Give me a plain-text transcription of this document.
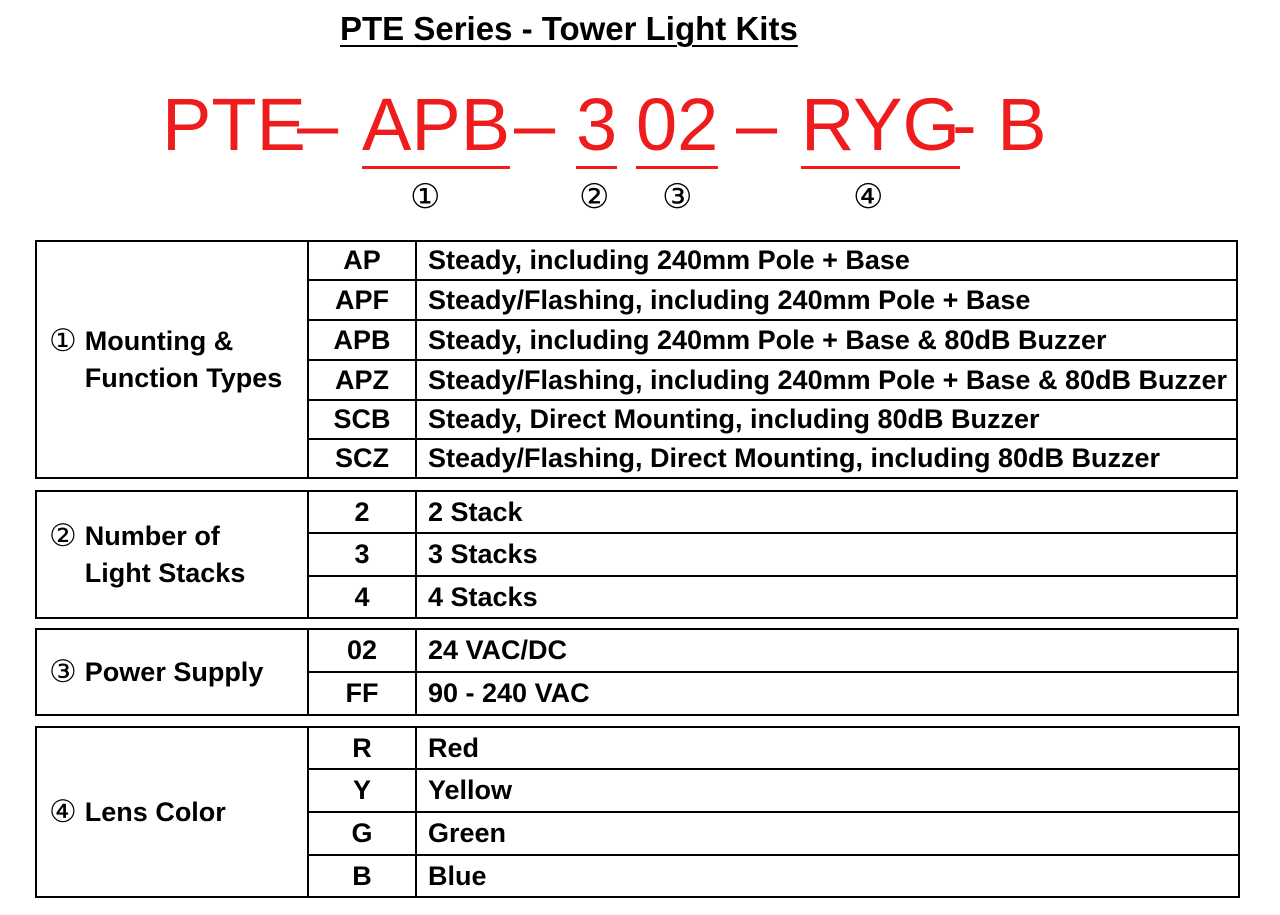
PTE Series - Tower Light Kits
PTE
– APB – 3 02 – RYG
- B
①	② ③	④
① Mounting &
Function Types	AP	Steady, including 240mm Pole + Base
	APF	Steady/Flashing, including 240mm Pole + Base
	APB	Steady, including 240mm Pole + Base & 80dB Buzzer
	APZ	Steady/Flashing, including 240mm Pole + Base & 80dB Buzzer
	SCB	Steady, Direct Mounting, including 80dB Buzzer
	SCZ	Steady/Flashing, Direct Mounting, including 80dB Buzzer
② Number of
Light Stacks	2	2 Stack
	3	3 Stacks
	4	4 Stacks
③ Power Supply	02	24 VAC/DC
	FF	90 - 240 VAC
④ Lens Color	R	Red
	Y	Yellow
	G	Green
	B	Blue
